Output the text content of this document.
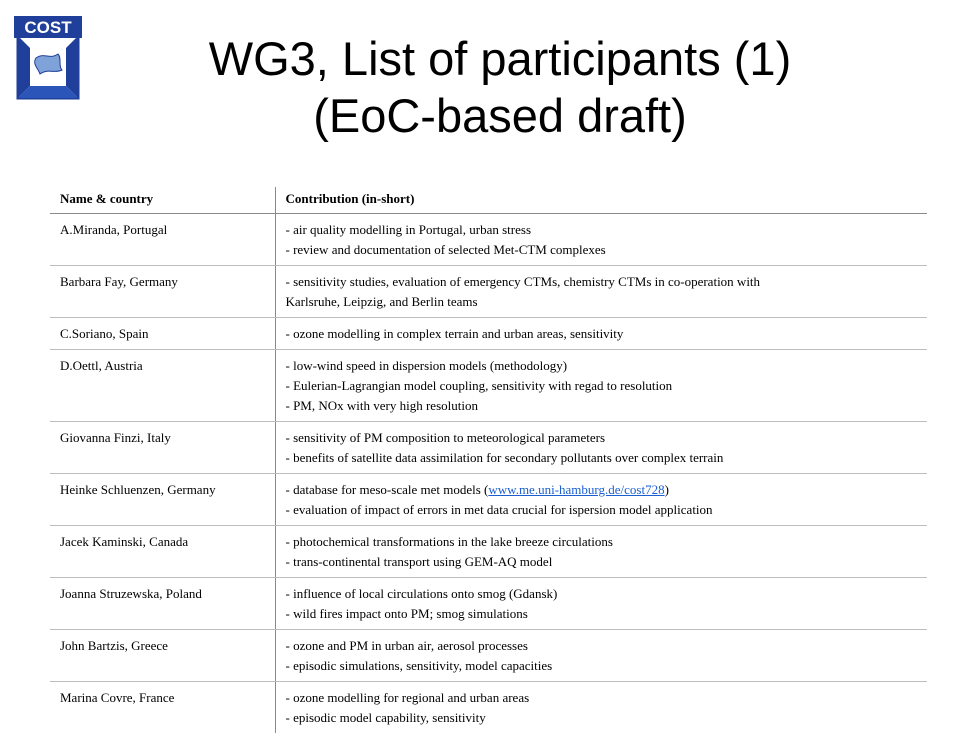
COST
WG3, List of participants (1)
(EoC-based draft)
Name & country	Contribution (in-short)
A.Miranda, Portugal	- air quality modelling in Portugal, urban stress
- review and documentation of selected Met-CTM complexes

Barbara Fay, Germany	- sensitivity studies, evaluation of emergency CTMs, chemistry CTMs in co-operation with
Karlsruhe, Leipzig, and Berlin teams

C.Soriano, Spain	- ozone modelling in complex terrain and urban areas, sensitivity

D.Oettl, Austria	- low-wind speed in dispersion models (methodology)
- Eulerian-Lagrangian model coupling, sensitivity with regad to resolution
- PM, NOx with very high resolution

Giovanna Finzi, Italy	- sensitivity of PM composition to meteorological parameters
- benefits of satellite data assimilation for secondary pollutants over complex terrain

Heinke Schluenzen, Germany	- database for meso-scale met models (www.me.uni-hamburg.de/cost728)
- evaluation of impact of errors in met data crucial for ispersion model application

Jacek Kaminski, Canada	- photochemical transformations in the lake breeze circulations
- trans-continental transport using GEM-AQ model

Joanna Struzewska, Poland	- influence of local circulations onto smog (Gdansk)
- wild fires impact onto PM; smog simulations

John Bartzis, Greece	- ozone and PM in urban air, aerosol processes
- episodic simulations, sensitivity, model capacities

Marina Covre, France	- ozone modelling for regional and urban areas
- episodic model capability, sensitivity
